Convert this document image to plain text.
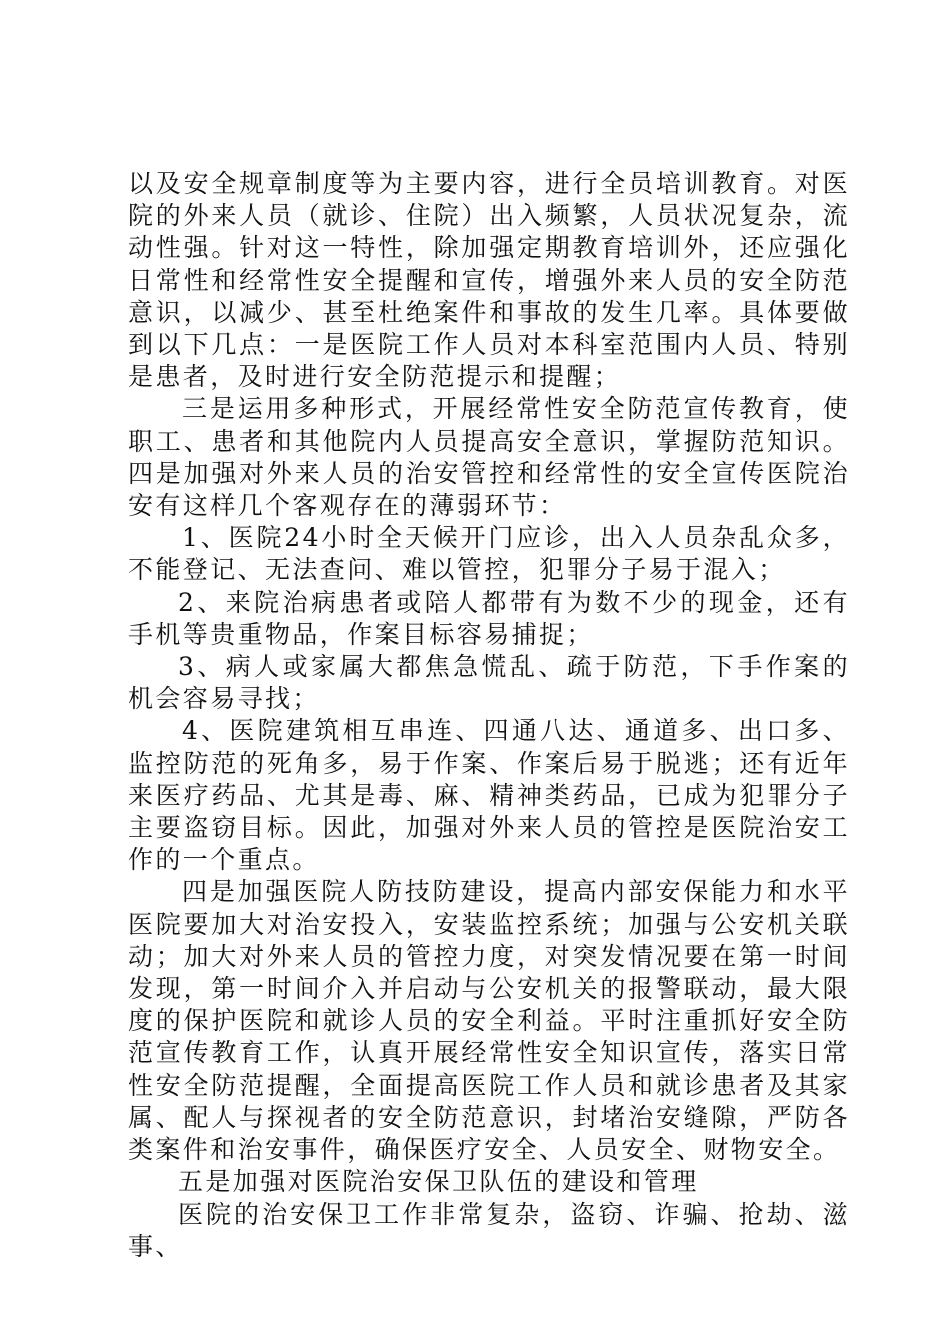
以及安全规章制度等为主要内容，进行全员培训教育。对医院的外来人员（就诊、住院）出入频繁，人员状况复杂，流动性强。针对这一特性，除加强定期教育培训外，还应强化日常性和经常性安全提醒和宣传，增强外来人员的安全防范意识，以减少、甚至杜绝案件和事故的发生几率。具体要做到以下几点：一是医院工作人员对本科室范围内人员、特别是患者，及时进行安全防范提示和提醒；

三是运用多种形式，开展经常性安全防范宣传教育，使职工、患者和其他院内人员提高安全意识，掌握防范知识。四是加强对外来人员的治安管控和经常性的安全宣传医院治安有这样几个客观存在的薄弱环节：

1、医院24小时全天候开门应诊，出入人员杂乱众多，不能登记、无法查问、难以管控，犯罪分子易于混入；

2、来院治病患者或陪人都带有为数不少的现金，还有手机等贵重物品，作案目标容易捕捉；

3、病人或家属大都焦急慌乱、疏于防范，下手作案的机会容易寻找；

4、医院建筑相互串连、四通八达、通道多、出口多、监控防范的死角多，易于作案、作案后易于脱逃；还有近年来医疗药品、尤其是毒、麻、精神类药品，已成为犯罪分子主要盗窃目标。因此，加强对外来人员的管控是医院治安工作的一个重点。

四是加强医院人防技防建设，提高内部安保能力和水平医院要加大对治安投入，安装监控系统；加强与公安机关联动；加大对外来人员的管控力度，对突发情况要在第一时间发现，第一时间介入并启动与公安机关的报警联动，最大限度的保护医院和就诊人员的安全利益。平时注重抓好安全防范宣传教育工作，认真开展经常性安全知识宣传，落实日常性安全防范提醒，全面提高医院工作人员和就诊患者及其家属、配人与探视者的安全防范意识，封堵治安缝隙，严防各类案件和治安事件，确保医疗安全、人员安全、财物安全。

五是加强对医院治安保卫队伍的建设和管理

医院的治安保卫工作非常复杂，盗窃、诈骗、抢劫、滋事、
